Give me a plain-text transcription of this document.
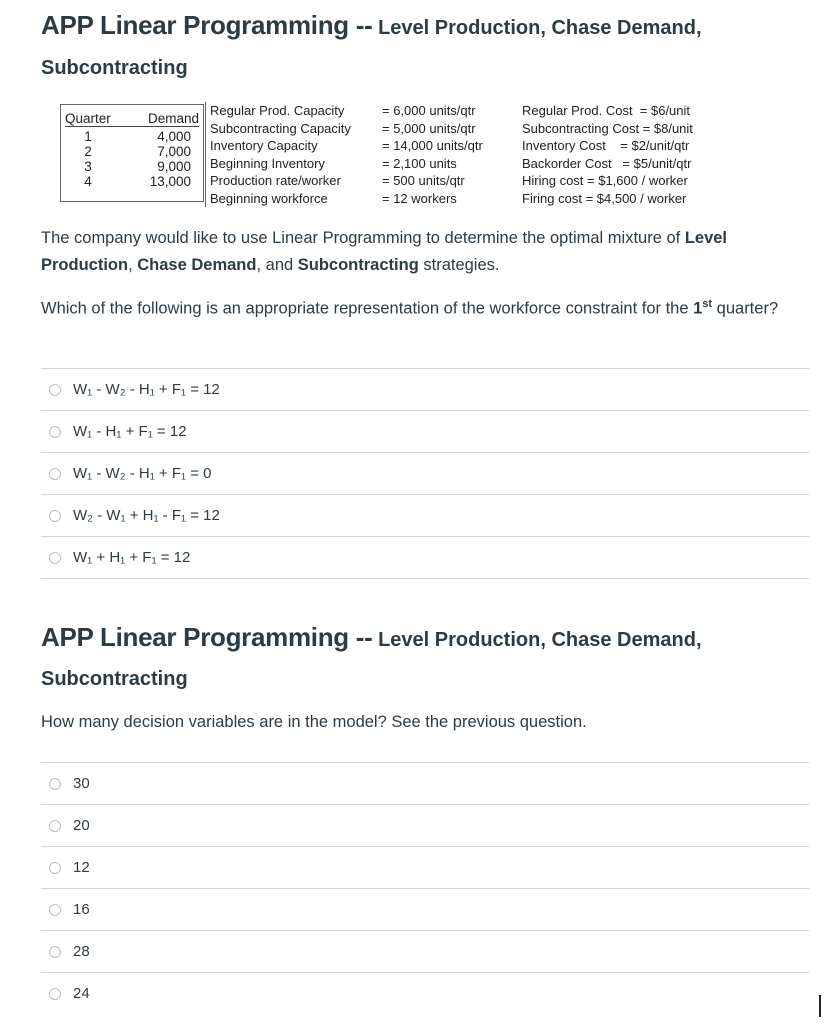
APP Linear Programming -- Level Production, Chase Demand,
Subcontracting
Quarter	Demand
1	4,000
2	7,000
3	9,000
4	13,000
Regular Prod. Capacity	= 6,000 units/qtr
Subcontracting Capacity	= 5,000 units/qtr
Inventory Capacity	= 14,000 units/qtr
Beginning Inventory	= 2,100 units
Production rate/worker	= 500 units/qtr
Beginning workforce	= 12 workers
Regular Prod. Cost  = $6/unit
Subcontracting Cost = $8/unit
Inventory Cost    = $2/unit/qtr
Backorder Cost   = $5/unit/qtr
Hiring cost = $1,600 / worker
Firing cost = $4,500 / worker
The company would like to use Linear Programming to determine the optimal mixture of Level Production, Chase Demand, and Subcontracting strategies.
Which of the following is an appropriate representation of the workforce constraint for the 1st quarter?
W₁ - W₂ - H₁ + F₁ = 12
W₁ - H₁ + F₁ = 12
W₁ - W₂ - H₁ + F₁ = 0
W₂ - W₁ + H₁ - F₁ = 12
W₁ + H₁ + F₁ = 12
APP Linear Programming -- Level Production, Chase Demand,
Subcontracting
How many decision variables are in the model? See the previous question.
30
20
12
16
28
24
